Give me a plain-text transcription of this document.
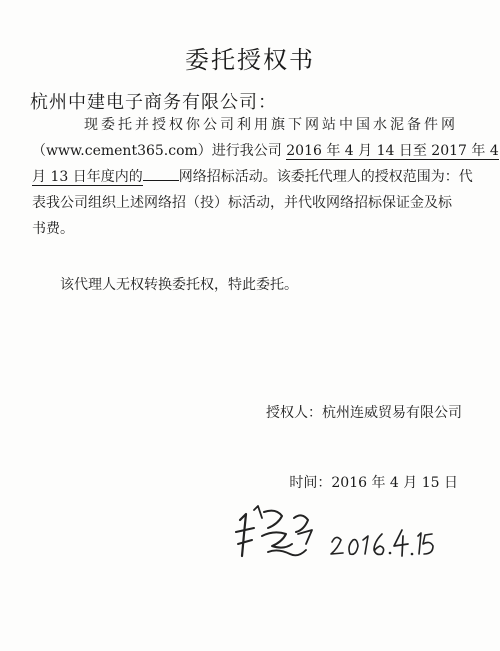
委托授权书
杭州中建电子商务有限公司：
现委托并授权你公司利用旗下网站中国水泥备件网
（www.cement365.com）进行我公司 2016 年 4 月 14 日至 2017 年 4
月 13 日年度内的	网络招标活动。该委托代理人的授权范围为：代
表我公司组织上述网络招（投）标活动，并代收网络招标保证金及标
书费。
该代理人无权转换委托权，特此委托。
授权人：杭州连威贸易有限公司
时间：2016 年 4 月 15 日
